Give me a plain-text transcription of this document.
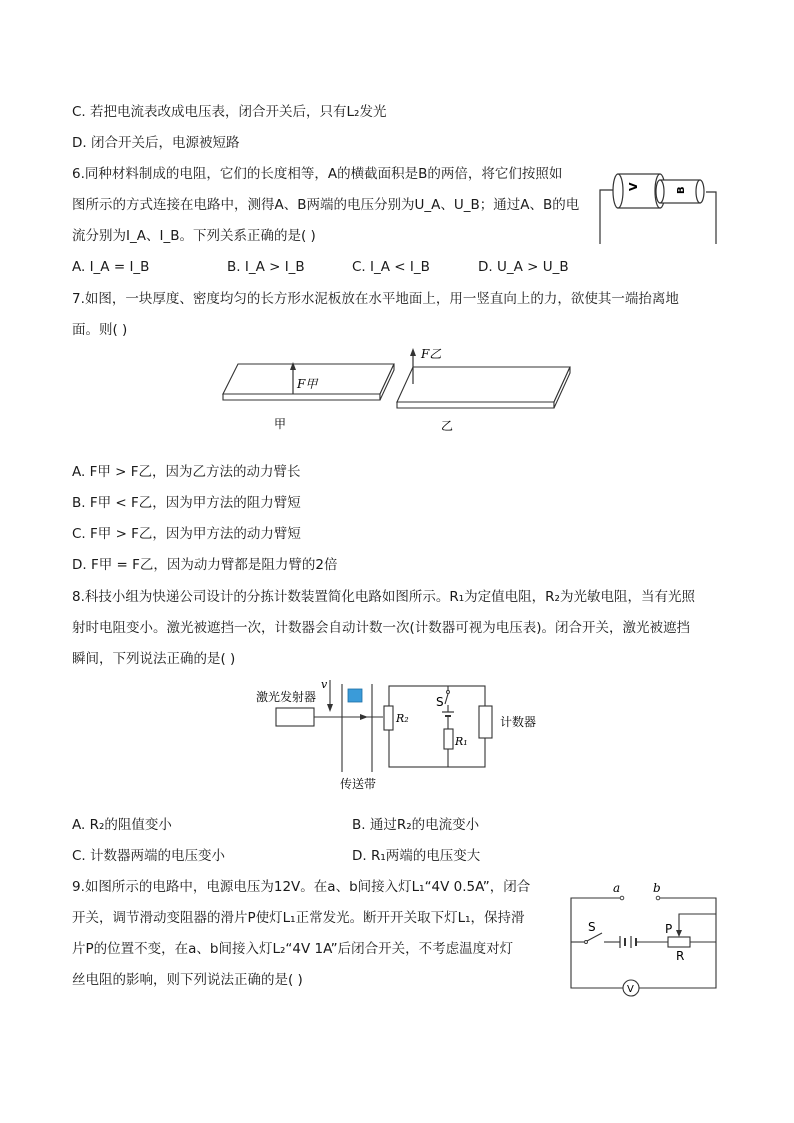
C. 若把电流表改成电压表，闭合开关后，只有L₂发光
D. 闭合开关后，电源被短路
6.同种材料制成的电阻，它们的长度相等，A的横截面积是B的两倍，将它们按照如
图所示的方式连接在电路中，测得A、B两端的电压分别为U_A、U_B；通过A、B的电
流分别为I_A、I_B。下列关系正确的是( )
A. I_A = I_B	B. I_A > I_B	C. I_A < I_B	D. U_A > U_B
V	B
7.如图，一块厚度、密度均匀的长方形水泥板放在水平地面上，用一竖直向上的力，欲使其一端抬离地
面。则( )
F甲
F乙
甲	乙
A. F甲 > F乙，因为乙方法的动力臂长
B. F甲 < F乙，因为甲方法的阻力臂短
C. F甲 > F乙，因为甲方法的动力臂短
D. F甲 = F乙，因为动力臂都是阻力臂的2倍
8.科技小组为快递公司设计的分拣计数装置简化电路如图所示。R₁为定值电阻，R₂为光敏电阻，当有光照
射时电阻变小。激光被遮挡一次，计数器会自动计数一次(计数器可视为电压表)。闭合开关，激光被遮挡
瞬间，下列说法正确的是( )
激光发射器
v
传送带
R₂
S
R₁
计数器
A. R₂的阻值变小	B. 通过R₂的电流变小
C. 计数器两端的电压变小	D. R₁两端的电压变大
9.如图所示的电路中，电源电压为12V。在a、b间接入灯L₁“4V 0.5A”，闭合
开关，调节滑动变阻器的滑片P使灯L₁正常发光。断开开关取下灯L₁，保持滑
片P的位置不变，在a、b间接入灯L₂“4V 1A”后闭合开关，不考虑温度对灯
丝电阻的影响，则下列说法正确的是( )
a	b
S
R
P
V
